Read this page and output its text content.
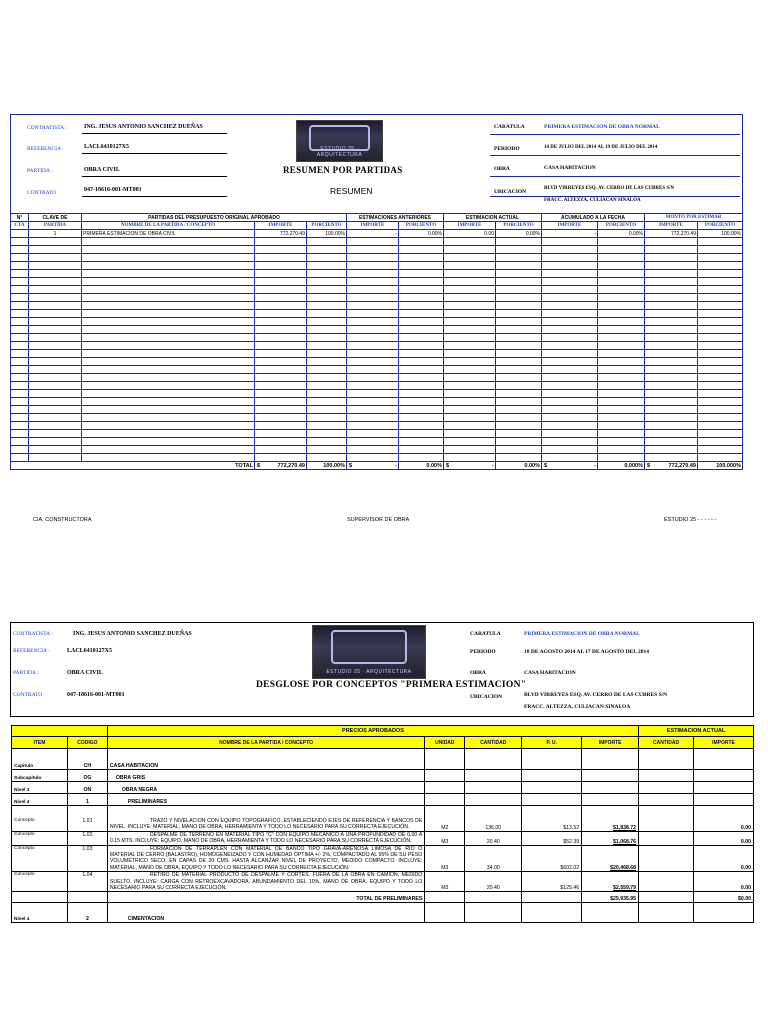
CONTRATISTA :	ING. JESUS ANTONIO SANCHEZ DUEÑAS
REFERENCIA :	LACL6410127X5
PARTIDA :	OBRA CIVIL
CONTRATO	047-18616-001-MT001
ESTUDIO 25 · ARQUITECTURA
RESUMEN POR PARTIDAS
RESUMEN
CARATULA	PRIMERA ESTIMACION DE OBRA NORMAL
PERIODO	14 DE JULIO DEL 2014 AL 19 DE JULIO DEL 2014
OBRA	CASA HABITACION
UBICACION
BLVD VIRREYES ESQ. AV. CERRO DE LAS CUBRES S/N
FRACC. ALTEZZA, CULIACAN SINALOA
N°	CLAVE DE	PARTIDAS DEL PRESUPUESTO ORIGINAL APROBADO			ESTIMACIONES ANTERIORES		ESTIMACION ACTUAL		ACUMULADO A LA FECHA		MONTO POR ESTIMAR	
CTA	PARTIDA	NOMBRE DE LA PARTIDA / CONCEPTO	IMPORTE	PORCIENTO	IMPORTE	PORCIENTO	IMPORTE	PORCIENTO	IMPORTE	PORCIENTO	IMPORTE	PORCIENTO
	1	PRIMERA ESTIMACION DE OBRA CIVIL	772,270.49	100.00%	-	0.00%	0.00	0.00%	-	0.00%	772,270.49	100.00%

TOTAL			$ 772,270.49	100.00%	$ -	0.00%	$ -	0.00%	$ -	0.000%	$ 772,270.49	100.000%
CIA. CONSTRUCTORA	SUPERVISOR DE OBRA	ESTUDIO 25 - - - - - -
CONTRATISTA :	ING. JESUS ANTONIO SANCHEZ DUEÑAS
REFERENCIA :	LACL6410127X5
PARTIDA :	OBRA CIVIL
CONTRATO	047-18616-001-MT001
ESTUDIO 25 · ARQUITECTURA
DESGLOSE POR CONCEPTOS "PRIMERA ESTIMACION"
CARATULA	PRIMERA ESTIMACION DE OBRA NORMAL
PERIODO	10 DE AGOSTO 2014 AL 17 DE AGOSTO DEL 2014
OBRA	CASA HABITACION
UBICACION	BLVD VIRREYES ESQ. AV. CERRO DE LAS CUBRES S/N
FRACC. ALTEZZA, CULIACAN SINALOA
		PRECIOS APROBADOS					ESTIMACION ACTUAL	
ITEM	CODIGO	NOMBRE DE LA PARTIDA / CONCEPTO	UNIDAD	CANTIDAD	P. U.	IMPORTE	CANTIDAD	IMPORTE

Capitulo	CH	CASA HABITACION						
Subcapitulo	OG	OBRA GRIS						
Nivel 3	ON	OBRA NEGRA						
Nivel 4	1	PRELIMINARES						

Concepto	1.01	TRAZO Y NIVELACION CON EQUIPO TOPOGRAFICO, ESTABLECIENDO EJES DE REFERENCIA Y BANCOS DE NIVEL. INCLUYE: MATERIAL, MANO DE OBRA, HERRAMIENTA Y TODO LO NECESARIO PARA SU CORRECTA EJECUCIÓN.	M2	136.00	$13.52	$1,838.72		0.00
Concepto	1.02	DESPALME DE TERRENO EN MATERIAL TIPO "C" CON EQUIPO MECANICO A UNA PROFUNDIDAD DE 0.00 A 0.15 MTS. INCLUYE: EQUIPO, MANO DE OBRA, HERRAMIENTA Y TODO LO NECESARIO PARA SU CORRECTA EJECUCIÓN.	M3	20.40	$52.39	$1,068.76		0.00
Concepto	1.03	FORMACION DE TERRAPLÉN CON MATERIAL DE BANCO TIPO GRAVA-ARENOSA LIMOSA DE RIO O MATERIAL DE CERRO (BALASTRO), HOMOGENEIZADO Y CON HUMEDAD ÓPTIMA +/- 2%, COMPACTADO AL 95% DE SU PESO VOLUMÉTRICO SECO, EN CAPAS DE 20 CMS. HASTA ALCANZAR NIVEL DE PROYECTO, MEDIDO COMPACTO. INCLUYE: MATERIAL, MANO DE OBRA, EQUIPO Y TODO LO NECESARIO PARA SU CORRECTA EJECUCIÓN.	M3	34.00	$602.02	$20,468.68		0.00
Concepto	1.04	RETIRO DE MATERIAL PRODUCTO DE DESPALME Y CORTES, FUERA DE LA OBRA EN CAMION, MEDIDO SUELTO. INCLUYE: CARGA CON RETROEXCAVADORA, ABUNDAMIENTO DEL 10%, MANO DE OBRA, EQUIPO Y TODO LO NECESARIO PARA SU CORRECTA EJECUCIÓN.	M3	20.40	$125.46	$2,559.79		0.00
		TOTAL DE PRELIMINARES				$25,935.95		$0.00

Nivel 4	2	CIMENTACION						
